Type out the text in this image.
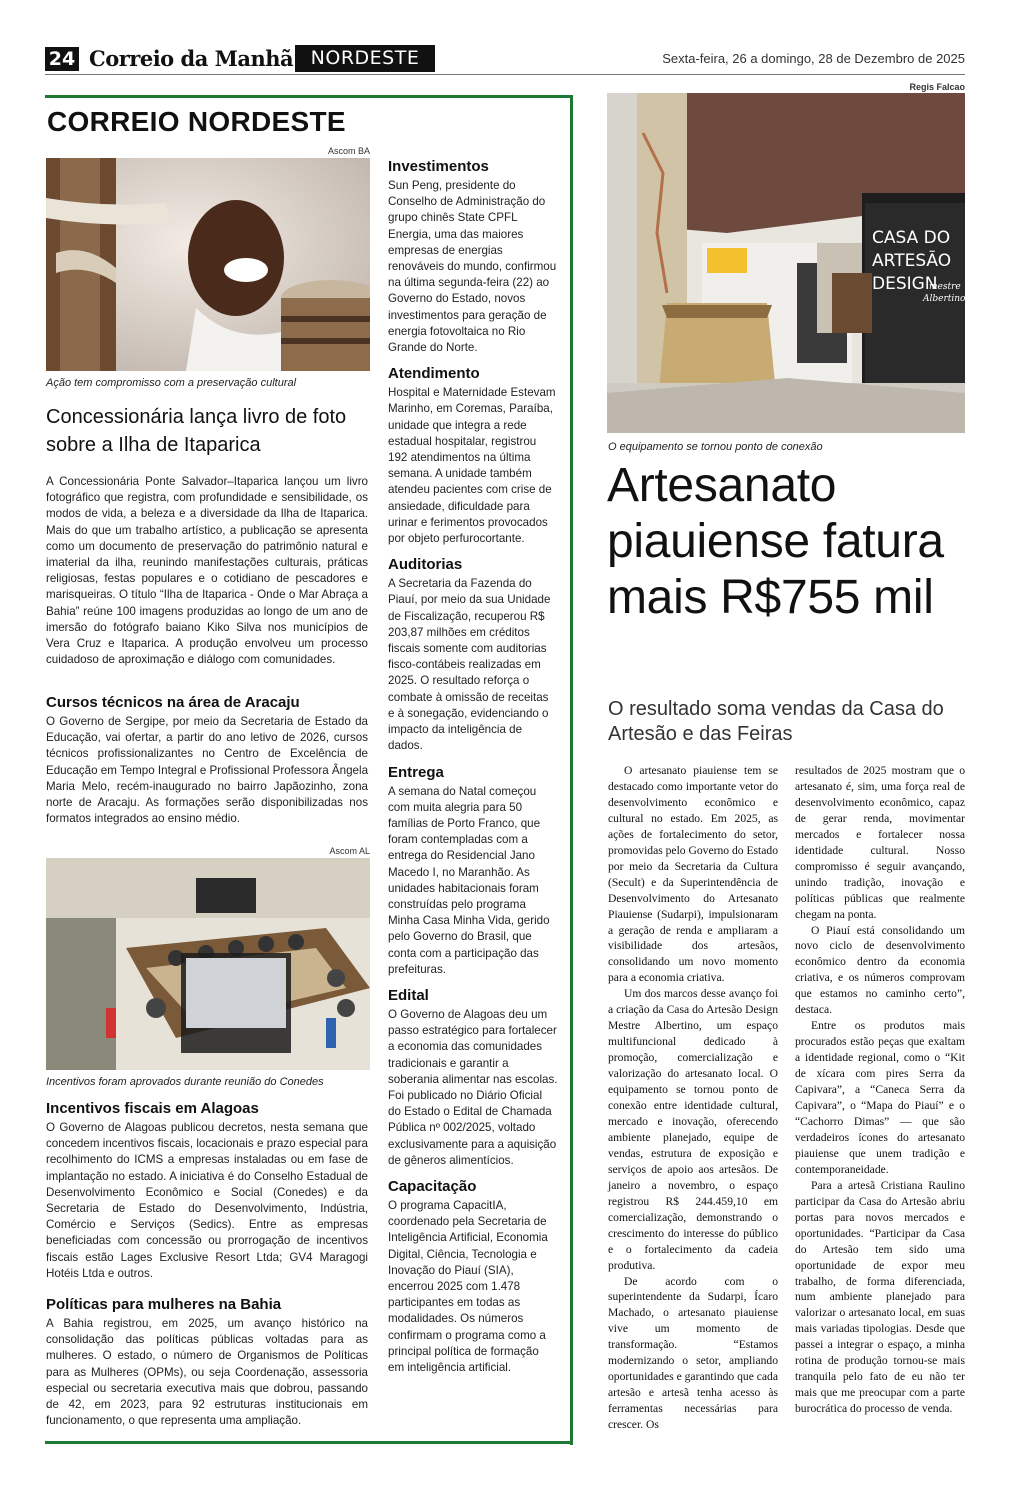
24 Correio da Manhã NORDESTE	Sexta-feira, 26 a domingo, 28 de Dezembro de 2025
CORREIO NORDESTE
Ascom BA
Ação tem compromisso com a preservação cultural
Concessionária lança livro de foto sobre a Ilha de Itaparica
A Concessionária Ponte Salvador–Itaparica lançou um livro fotográfico que registra, com profundidade e sensibilidade, os modos de vida, a beleza e a diversidade da Ilha de Itaparica. Mais do que um trabalho artístico, a publicação se apresenta como um documento de preservação do patrimônio natural e imaterial da ilha, reunindo manifestações culturais, práticas religiosas, festas populares e o cotidiano de pescadores e marisqueiras. O título “Ilha de Itaparica - Onde o Mar Abraça a Bahia” reúne 100 imagens produzidas ao longo de um ano de imersão do fotógrafo baiano Kiko Silva nos municípios de Vera Cruz e Itaparica. A produção envolveu um processo cuidadoso de aproximação e diálogo com comunidades.
Cursos técnicos na área de Aracaju
O Governo de Sergipe, por meio da Secretaria de Estado da Educação, vai ofertar, a partir do ano letivo de 2026, cursos técnicos profissionalizantes no Centro de Excelência de Educação em Tempo Integral e Profissional Professora Ângela Maria Melo, recém-inaugurado no bairro Japãozinho, zona norte de Aracaju. As formações serão disponibilizadas nos formatos integrados ao ensino médio.
Ascom AL
Incentivos foram aprovados durante reunião do Conedes
Incentivos fiscais em Alagoas
O Governo de Alagoas publicou decretos, nesta semana que concedem incentivos fiscais, locacionais e prazo especial para recolhimento do ICMS a empresas instaladas ou em fase de implantação no estado. A iniciativa é do Conselho Estadual de Desenvolvimento Econômico e Social (Conedes) e da Secretaria de Estado do Desenvolvimento, Indústria, Comércio e Serviços (Sedics). Entre as empresas beneficiadas com concessão ou prorrogação de incentivos fiscais estão Lages Exclusive Resort Ltda; GV4 Maragogi Hotéis Ltda e outros.
Políticas para mulheres na Bahia
A Bahia registrou, em 2025, um avanço histórico na consolidação das políticas públicas voltadas para as mulheres. O estado, o número de Organismos de Políticas para as Mulheres (OPMs), ou seja Coordenação, assessoria especial ou secretaria executiva mais que dobrou, passando de 42, em 2023, para 92 estruturas institucionais em funcionamento, o que representa uma ampliação.
Investimentos
Sun Peng, presidente do Conselho de Administração do grupo chinês State CPFL Energia, uma das maiores empresas de energias renováveis do mundo, confirmou na última segunda-feira (22) ao Governo do Estado, novos investimentos para geração de energia fotovoltaica no Rio Grande do Norte.
Atendimento
Hospital e Maternidade Estevam Marinho, em Coremas, Paraíba, unidade que integra a rede estadual hospitalar, registrou 192 atendimentos na última semana. A unidade também atendeu pacientes com crise de ansiedade, dificuldade para urinar e ferimentos provocados por objeto perfurocortante.
Auditorias
A Secretaria da Fazenda do Piauí, por meio da sua Unidade de Fiscalização, recuperou R$ 203,87 milhões em créditos fiscais somente com auditorias fisco-contábeis realizadas em 2025. O resultado reforça o combate à omissão de receitas e à sonegação, evidenciando o impacto da inteligência de dados.
Entrega
A semana do Natal começou com muita alegria para 50 famílias de Porto Franco, que foram contempladas com a entrega do Residencial Jano Macedo I, no Maranhão. As unidades habitacionais foram construídas pelo programa Minha Casa Minha Vida, gerido pelo Governo do Brasil, que conta com a participação das prefeituras.
Edital
O Governo de Alagoas deu um passo estratégico para fortalecer a economia das comunidades tradicionais e garantir a soberania alimentar nas escolas. Foi publicado no Diário Oficial do Estado o Edital de Chamada Pública nº 002/2025, voltado exclusivamente para a aquisição de gêneros alimentícios.
Capacitação
O programa CapacitIA, coordenado pela Secretaria de Inteligência Artificial, Economia Digital, Ciência, Tecnologia e Inovação do Piauí (SIA), encerrou 2025 com 1.478 participantes em todas as modalidades. Os números confirmam o programa como a principal política de formação em inteligência artificial.
Regis Falcao
CASA DO
ARTESÃO
DESIGN
mestre
Albertino
O equipamento se tornou ponto de conexão
Artesanato piauiense fatura mais R$755 mil
O resultado soma vendas da Casa do Artesão e das Feiras

O artesanato piauiense tem se destacado como importante vetor do desenvolvimento econômico e cultural no estado. Em 2025, as ações de fortalecimento do setor, promovidas pelo Governo do Estado por meio da Secretaria da Cultura (Secult) e da Superintendência de Desenvolvimento do Artesanato Piauiense (Sudarpi), impulsionaram a geração de renda e ampliaram a visibilidade dos artesãos, consolidando um novo momento para a economia criativa.

Um dos marcos desse avanço foi a criação da Casa do Artesão Design Mestre Albertino, um espaço multifuncional dedicado à promoção, comercialização e valorização do artesanato local. O equipamento se tornou ponto de conexão entre identidade cultural, mercado e inovação, oferecendo ambiente planejado, equipe de vendas, estrutura de exposição e serviços de apoio aos artesãos. De janeiro a novembro, o espaço registrou R$ 244.459,10 em comercialização, demonstrando o crescimento do interesse do público e o fortalecimento da cadeia produtiva.

De acordo com o superintendente da Sudarpi, Ícaro Machado, o artesanato piauiense vive um momento de transformação. “Estamos modernizando o setor, ampliando oportunidades e garantindo que cada artesão e artesã tenha acesso às ferramentas necessárias para crescer. Os

resultados de 2025 mostram que o artesanato é, sim, uma força real de desenvolvimento econômico, capaz de gerar renda, movimentar mercados e fortalecer nossa identidade cultural. Nosso compromisso é seguir avançando, unindo tradição, inovação e políticas públicas que realmente chegam na ponta.

O Piauí está consolidando um novo ciclo de desenvolvimento econômico dentro da economia criativa, e os números comprovam que estamos no caminho certo”, destaca.

Entre os produtos mais procurados estão peças que exaltam a identidade regional, como o “Kit de xícara com pires Serra da Capivara”, a “Caneca Serra da Capivara”, o “Mapa do Piauí” e o “Cachorro Dimas” — que são verdadeiros ícones do artesanato piauiense que unem tradição e contemporaneidade.

Para a artesã Cristiana Raulino participar da Casa do Artesão abriu portas para novos mercados e oportunidades. “Participar da Casa do Artesão tem sido uma oportunidade de expor meu trabalho, de forma diferenciada, num ambiente planejado para valorizar o artesanato local, em suas mais variadas tipologias. Desde que passei a integrar o espaço, a minha rotina de produção tornou-se mais tranquila pelo fato de eu não ter mais que me preocupar com a parte burocrática do processo de venda.
